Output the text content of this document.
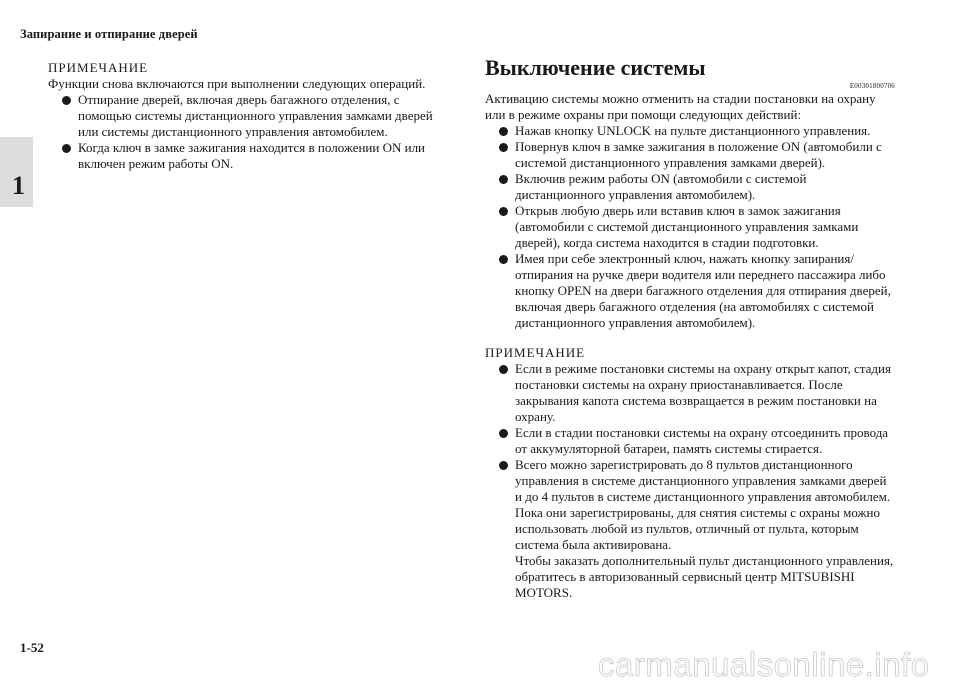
Запирание и отпирание дверей
1
ПРИМЕЧАНИЕ
Функции снова включаются при выполнении следующих операций.
Отпирание дверей, включая дверь багажного отделения, с помощью системы дистанционного управления замками дверей или системы дистанционного управления автомобилем.
Когда ключ в замке зажигания находится в положении ON или включен режим работы ON.
Выключение системы
E00301800706
Активацию системы можно отменить на стадии постановки на охрану или в режиме охраны при помощи следующих действий:
Нажав кнопку UNLOCK на пульте дистанционного управления.
Повернув ключ в замке зажигания в положение ON (автомобили с системой дистанционного управления замками дверей).
Включив режим работы ON (автомобили с системой дистанционного управления автомобилем).
Открыв любую дверь или вставив ключ в замок зажигания (автомобили с системой дистанционного управления замками дверей), когда система находится в стадии подготовки.
Имея при себе электронный ключ, нажать кнопку запирания/отпирания на ручке двери водителя или переднего пассажира либо кнопку OPEN на двери багажного отделения для отпирания дверей, включая дверь багажного отделения (на автомобилях с системой дистанционного управления автомобилем).
ПРИМЕЧАНИЕ
Если в режиме постановки системы на охрану открыт капот, стадия постановки системы на охрану приостанавливается. После закрывания капота система возвращается в режим постановки на охрану.
Если в стадии постановки системы на охрану отсоединить провода от аккумуляторной батареи, память системы стирается.
Всего можно зарегистрировать до 8 пультов дистанционного управления в системе дистанционного управления замками дверей и до 4 пультов в системе дистанционного управления автомобилем.
Пока они зарегистрированы, для снятия системы с охраны можно использовать любой из пультов, отличный от пульта, которым система была активирована.
Чтобы заказать дополнительный пульт дистанционного управления, обратитесь в авторизованный сервисный центр MITSUBISHI MOTORS.
1-52	carmanualsonline.info
